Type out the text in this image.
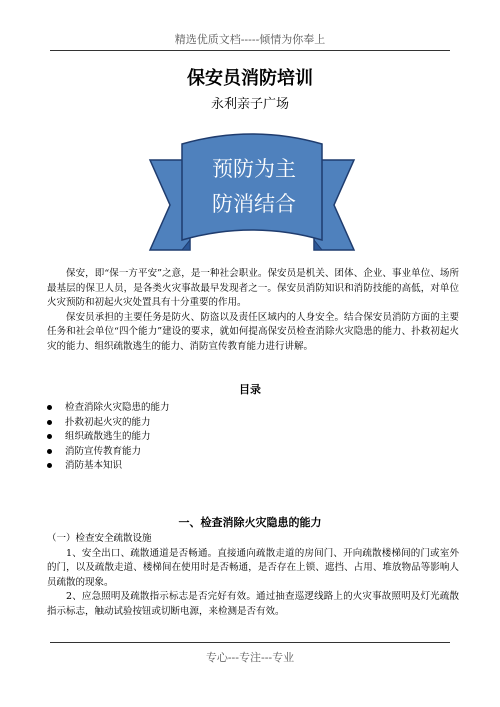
精选优质文档-----倾情为你奉上
保安员消防培训
永利亲子广场
预防为主
防消结合

保安，即“保一方平安”之意，是一种社会职业。保安员是机关、团体、企业、事业单位、场所最基层的保卫人员，是各类火灾事故最早发现者之一。保安员消防知识和消防技能的高低，对单位火灾预防和初起火灾处置具有十分重要的作用。

保安员承担的主要任务是防火、防盗以及责任区域内的人身安全。结合保安员消防方面的主要任务和社会单位“四个能力”建设的要求，就如何提高保安员检查消除火灾隐患的能力、扑救初起火灾的能力、组织疏散逃生的能力、消防宣传教育能力进行讲解。

目录
检查消除火灾隐患的能力
扑救初起火灾的能力
组织疏散逃生的能力
消防宣传教育能力
消防基本知识
一、检查消除火灾隐患的能力

（一）检查安全疏散设施

1、安全出口、疏散通道是否畅通。直接通向疏散走道的房间门、开向疏散楼梯间的门或室外的门，以及疏散走道、楼梯间在使用时是否畅通，是否存在上锁、遮挡、占用、堆放物品等影响人员疏散的现象。

2、应急照明及疏散指示标志是否完好有效。通过抽查巡逻线路上的火灾事故照明及灯光疏散指示标志，触动试验按钮或切断电源，来检测是否有效。

专心---专注---专业
